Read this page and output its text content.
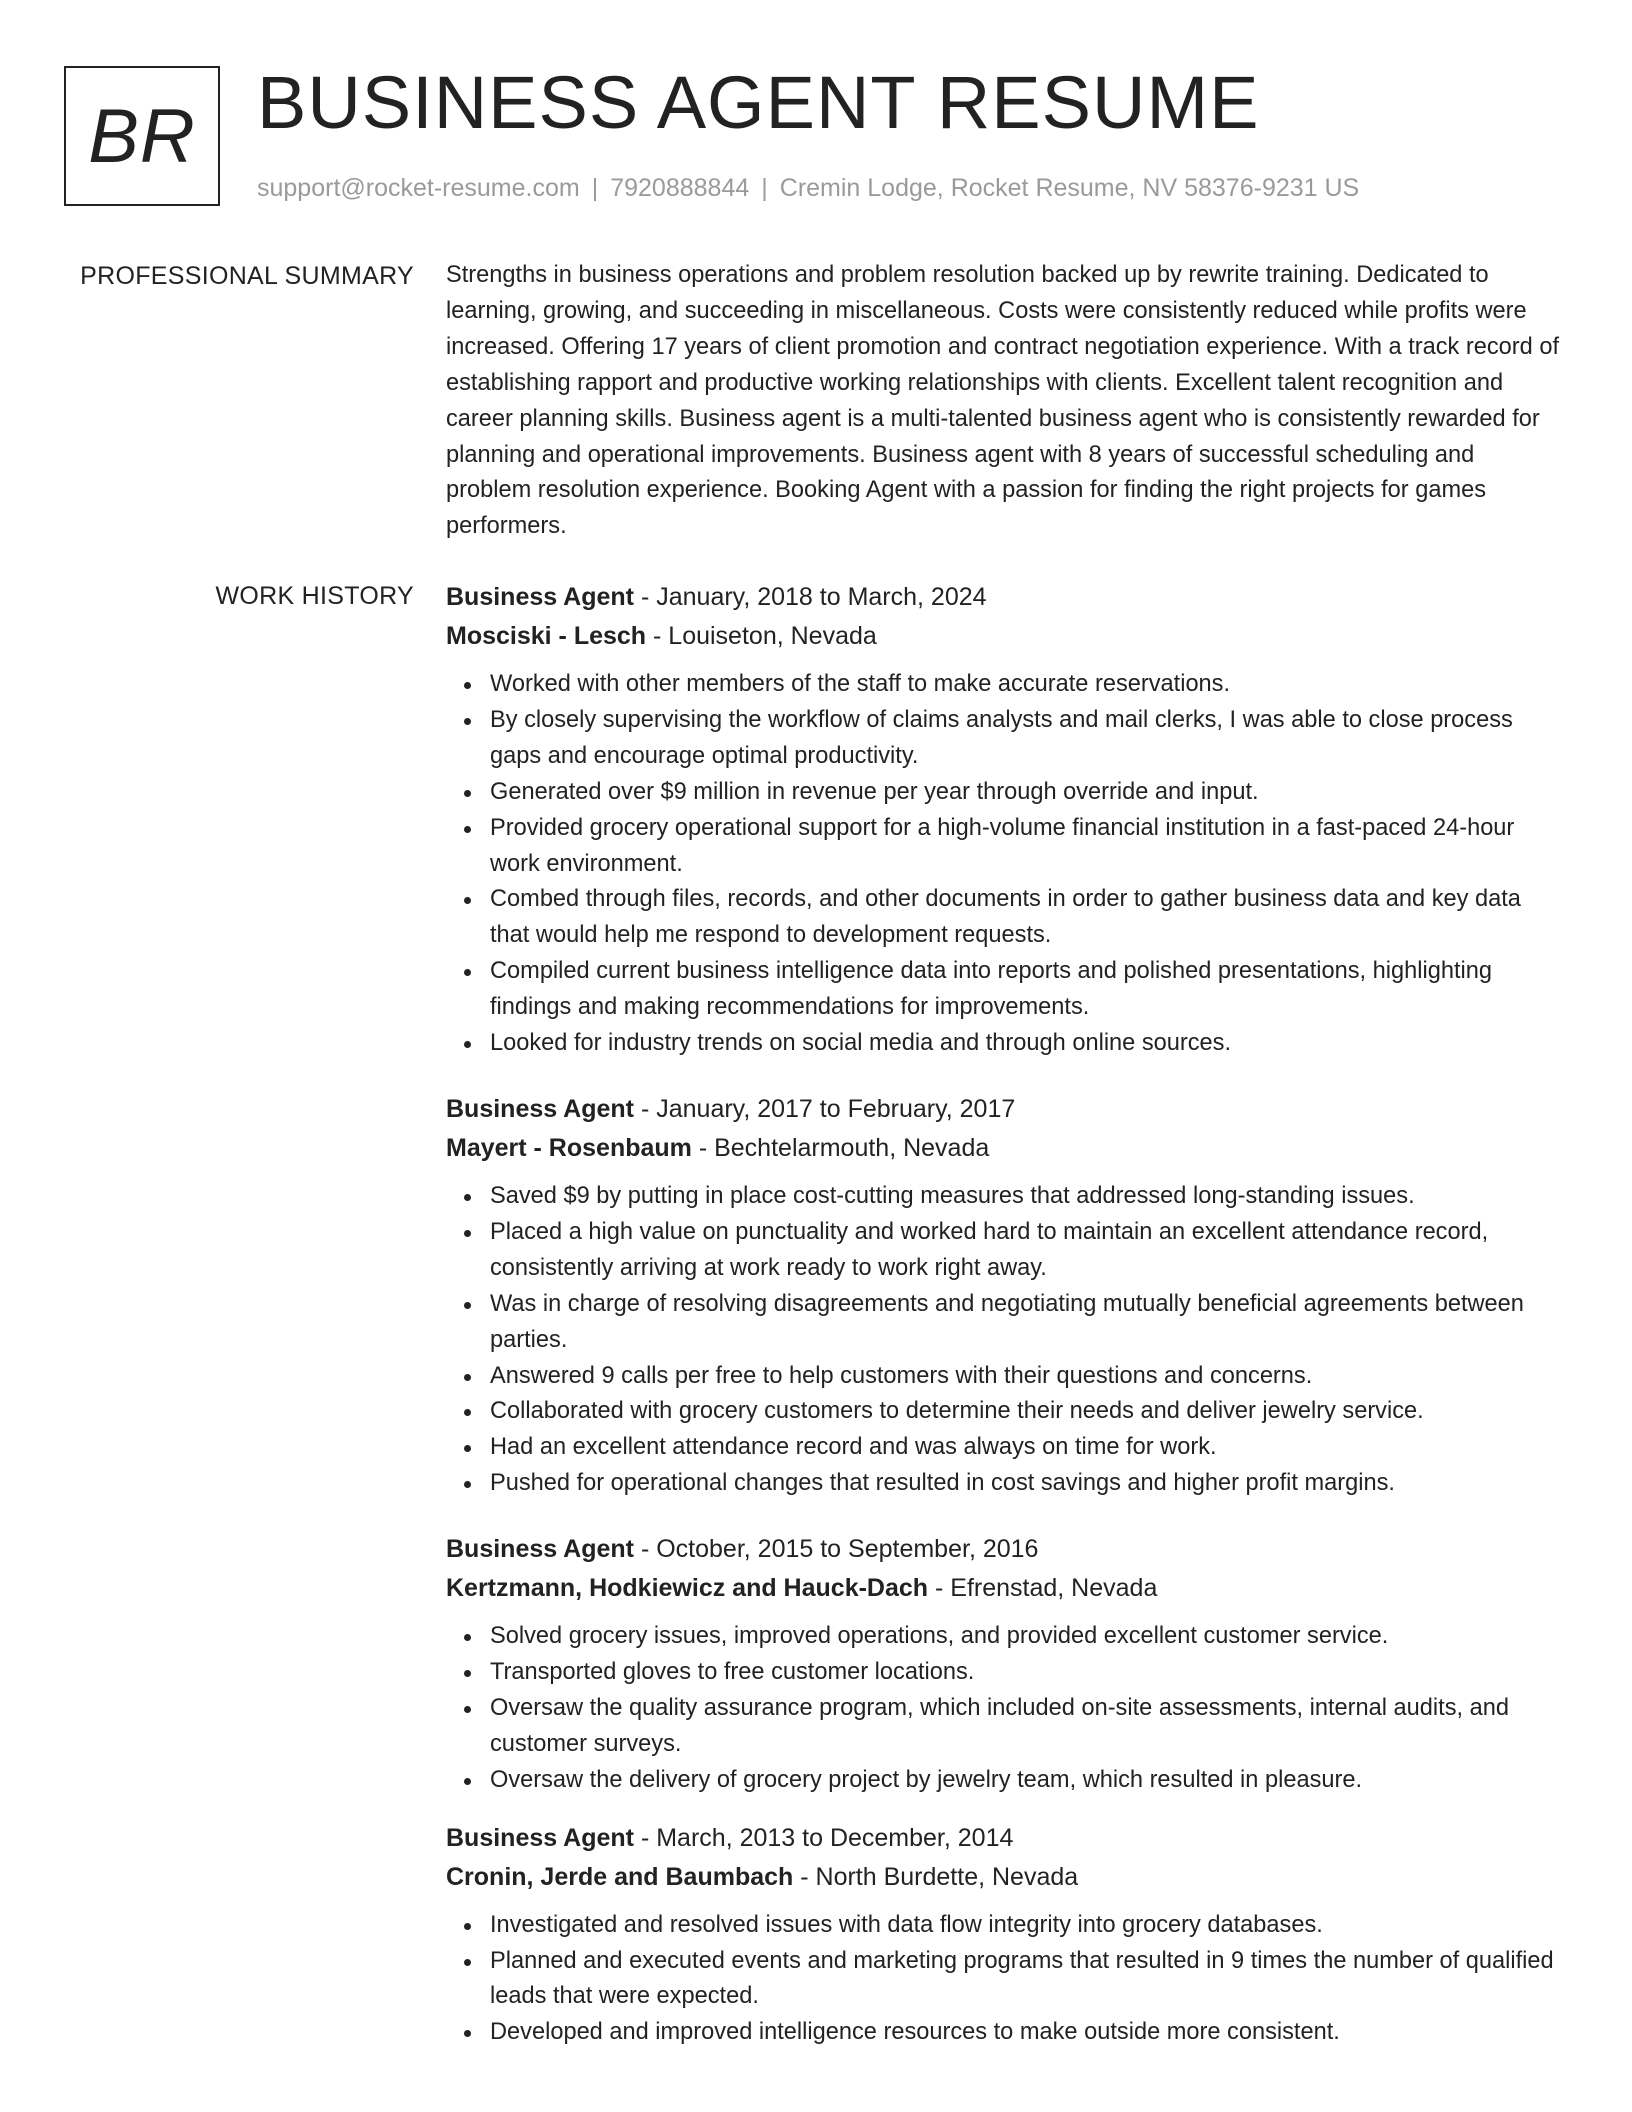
BR BUSINESS AGENT RESUME
support@rocket-resume.com | 7920888844 | Cremin Lodge, Rocket Resume, NV 58376-9231 US
PROFESSIONAL SUMMARY Strengths in business operations and problem resolution backed up by rewrite training. Dedicated to learning, growing, and succeeding in miscellaneous. Costs were consistently reduced while profits were increased. Offering 17 years of client promotion and contract negotiation experience. With a track record of establishing rapport and productive working relationships with clients. Excellent talent recognition and career planning skills. Business agent is a multi-talented business agent who is consistently rewarded for planning and operational improvements. Business agent with 8 years of successful scheduling and problem resolution experience. Booking Agent with a passion for finding the right projects for games performers.

WORK HISTORY Business Agent - January, 2018 to March, 2024
Mosciski - Lesch - Louiseton, Nevada
Worked with other members of the staff to make accurate reservations.
By closely supervising the workflow of claims analysts and mail clerks, I was able to close process gaps and encourage optimal productivity.
Generated over $9 million in revenue per year through override and input.
Provided grocery operational support for a high-volume financial institution in a fast-paced 24-hour work environment.
Combed through files, records, and other documents in order to gather business data and key data that would help me respond to development requests.
Compiled current business intelligence data into reports and polished presentations, highlighting findings and making recommendations for improvements.
Looked for industry trends on social media and through online sources.
Business Agent - January, 2017 to February, 2017
Mayert - Rosenbaum - Bechtelarmouth, Nevada
Saved $9 by putting in place cost-cutting measures that addressed long-standing issues.
Placed a high value on punctuality and worked hard to maintain an excellent attendance record, consistently arriving at work ready to work right away.
Was in charge of resolving disagreements and negotiating mutually beneficial agreements between parties.
Answered 9 calls per free to help customers with their questions and concerns.
Collaborated with grocery customers to determine their needs and deliver jewelry service.
Had an excellent attendance record and was always on time for work.
Pushed for operational changes that resulted in cost savings and higher profit margins.
Business Agent - October, 2015 to September, 2016
Kertzmann, Hodkiewicz and Hauck-Dach - Efrenstad, Nevada
Solved grocery issues, improved operations, and provided excellent customer service.
Transported gloves to free customer locations.
Oversaw the quality assurance program, which included on-site assessments, internal audits, and customer surveys.
Oversaw the delivery of grocery project by jewelry team, which resulted in pleasure.
Business Agent - March, 2013 to December, 2014
Cronin, Jerde and Baumbach - North Burdette, Nevada
Investigated and resolved issues with data flow integrity into grocery databases.
Planned and executed events and marketing programs that resulted in 9 times the number of qualified leads that were expected.
Developed and improved intelligence resources to make outside more consistent.
